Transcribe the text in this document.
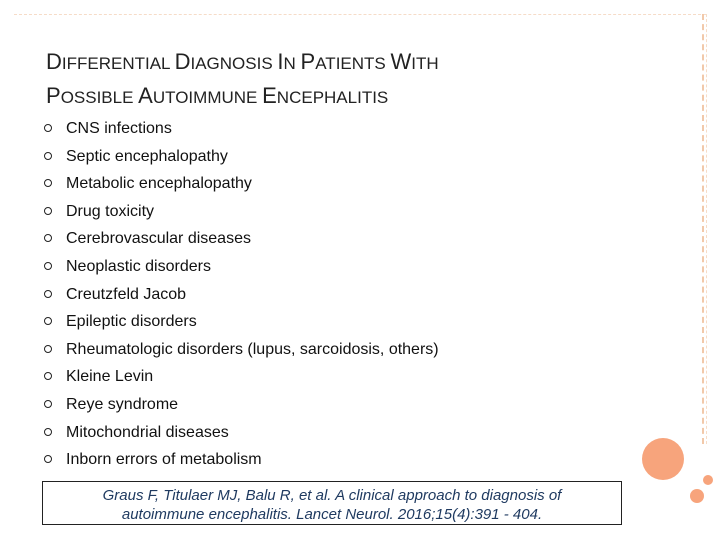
DIFFERENTIAL DIAGNOSIS IN PATIENTS WITH
POSSIBLE AUTOIMMUNE ENCEPHALITIS
CNS infections
Septic encephalopathy
Metabolic encephalopathy
Drug toxicity
Cerebrovascular diseases
Neoplastic disorders
Creutzfeld Jacob
Epileptic disorders
Rheumatologic disorders (lupus, sarcoidosis, others)
Kleine Levin
Reye syndrome
Mitochondrial diseases
Inborn errors of metabolism
Graus F, Titulaer MJ, Balu R, et al. A clinical approach to diagnosis of
autoimmune encephalitis. Lancet Neurol. 2016;15(4):391 - 404.
